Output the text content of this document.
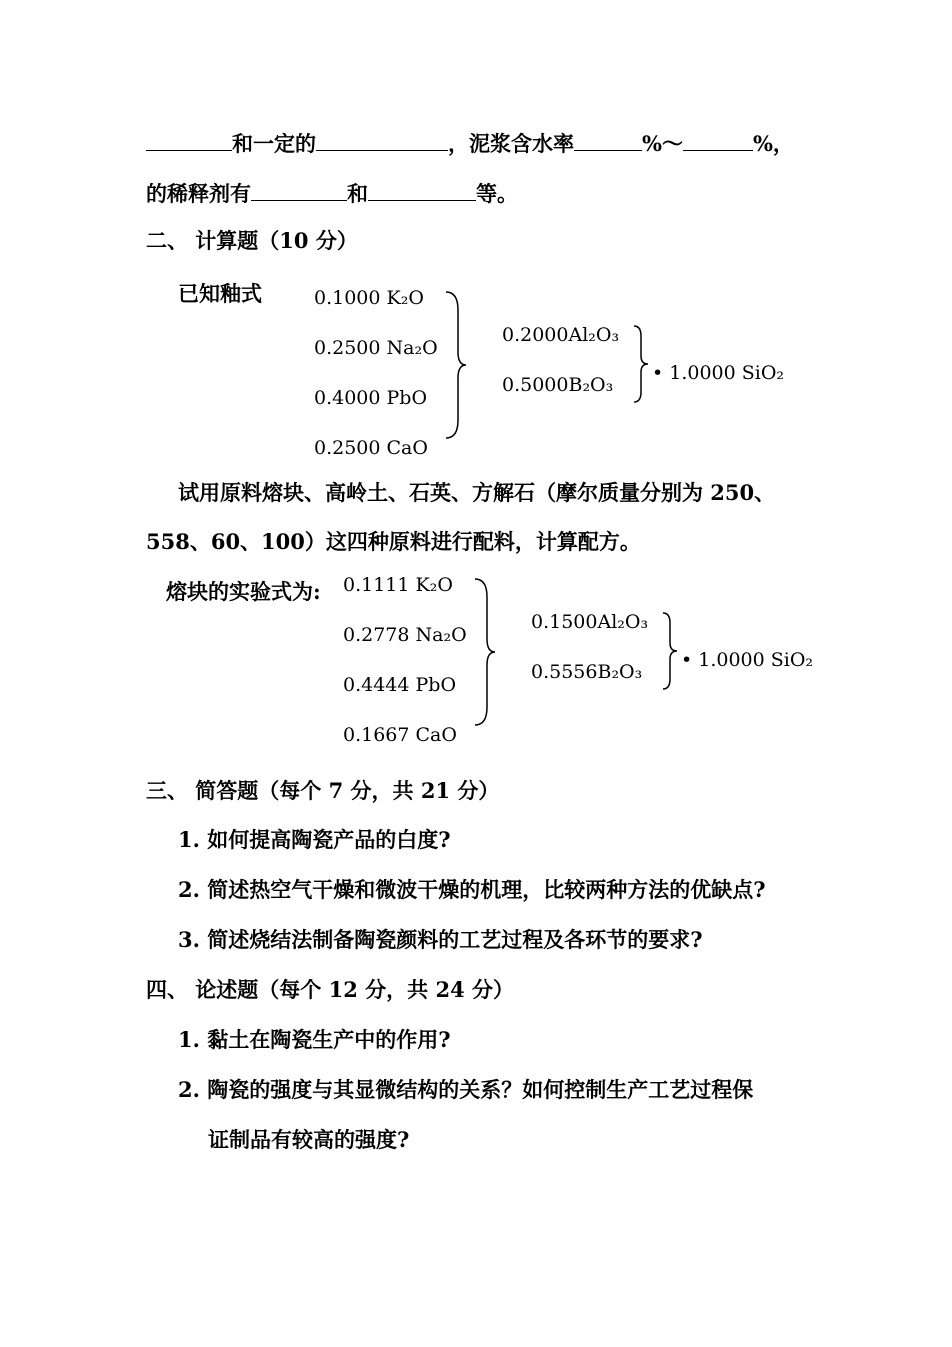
和一定的	，泥浆含水率	%～	%，
的稀释剂有	和	等。
二、 计算题（10 分）
已知釉式	0.1000 K₂O
0.2500 Na₂O
0.4000 PbO
0.2500 CaO
0.2000Al₂O₃
0.5000B₂O₃
• 1.0000 SiO₂
试用原料熔块、高岭土、石英、方解石（摩尔质量分别为 250、
558、60、100）这四种原料进行配料，计算配方。
熔块的实验式为: 0.1111 K₂O
0.2778 Na₂O
0.4444 PbO
0.1667 CaO
0.1500Al₂O₃
0.5556B₂O₃
• 1.0000 SiO₂
三、 简答题（每个 7 分，共 21 分）
1. 如何提高陶瓷产品的白度?
2. 简述热空气干燥和微波干燥的机理，比较两种方法的优缺点?
3. 简述烧结法制备陶瓷颜料的工艺过程及各环节的要求?
四、 论述题（每个 12 分，共 24 分）
1. 黏土在陶瓷生产中的作用?
2. 陶瓷的强度与其显微结构的关系？如何控制生产工艺过程保
证制品有较高的强度?
